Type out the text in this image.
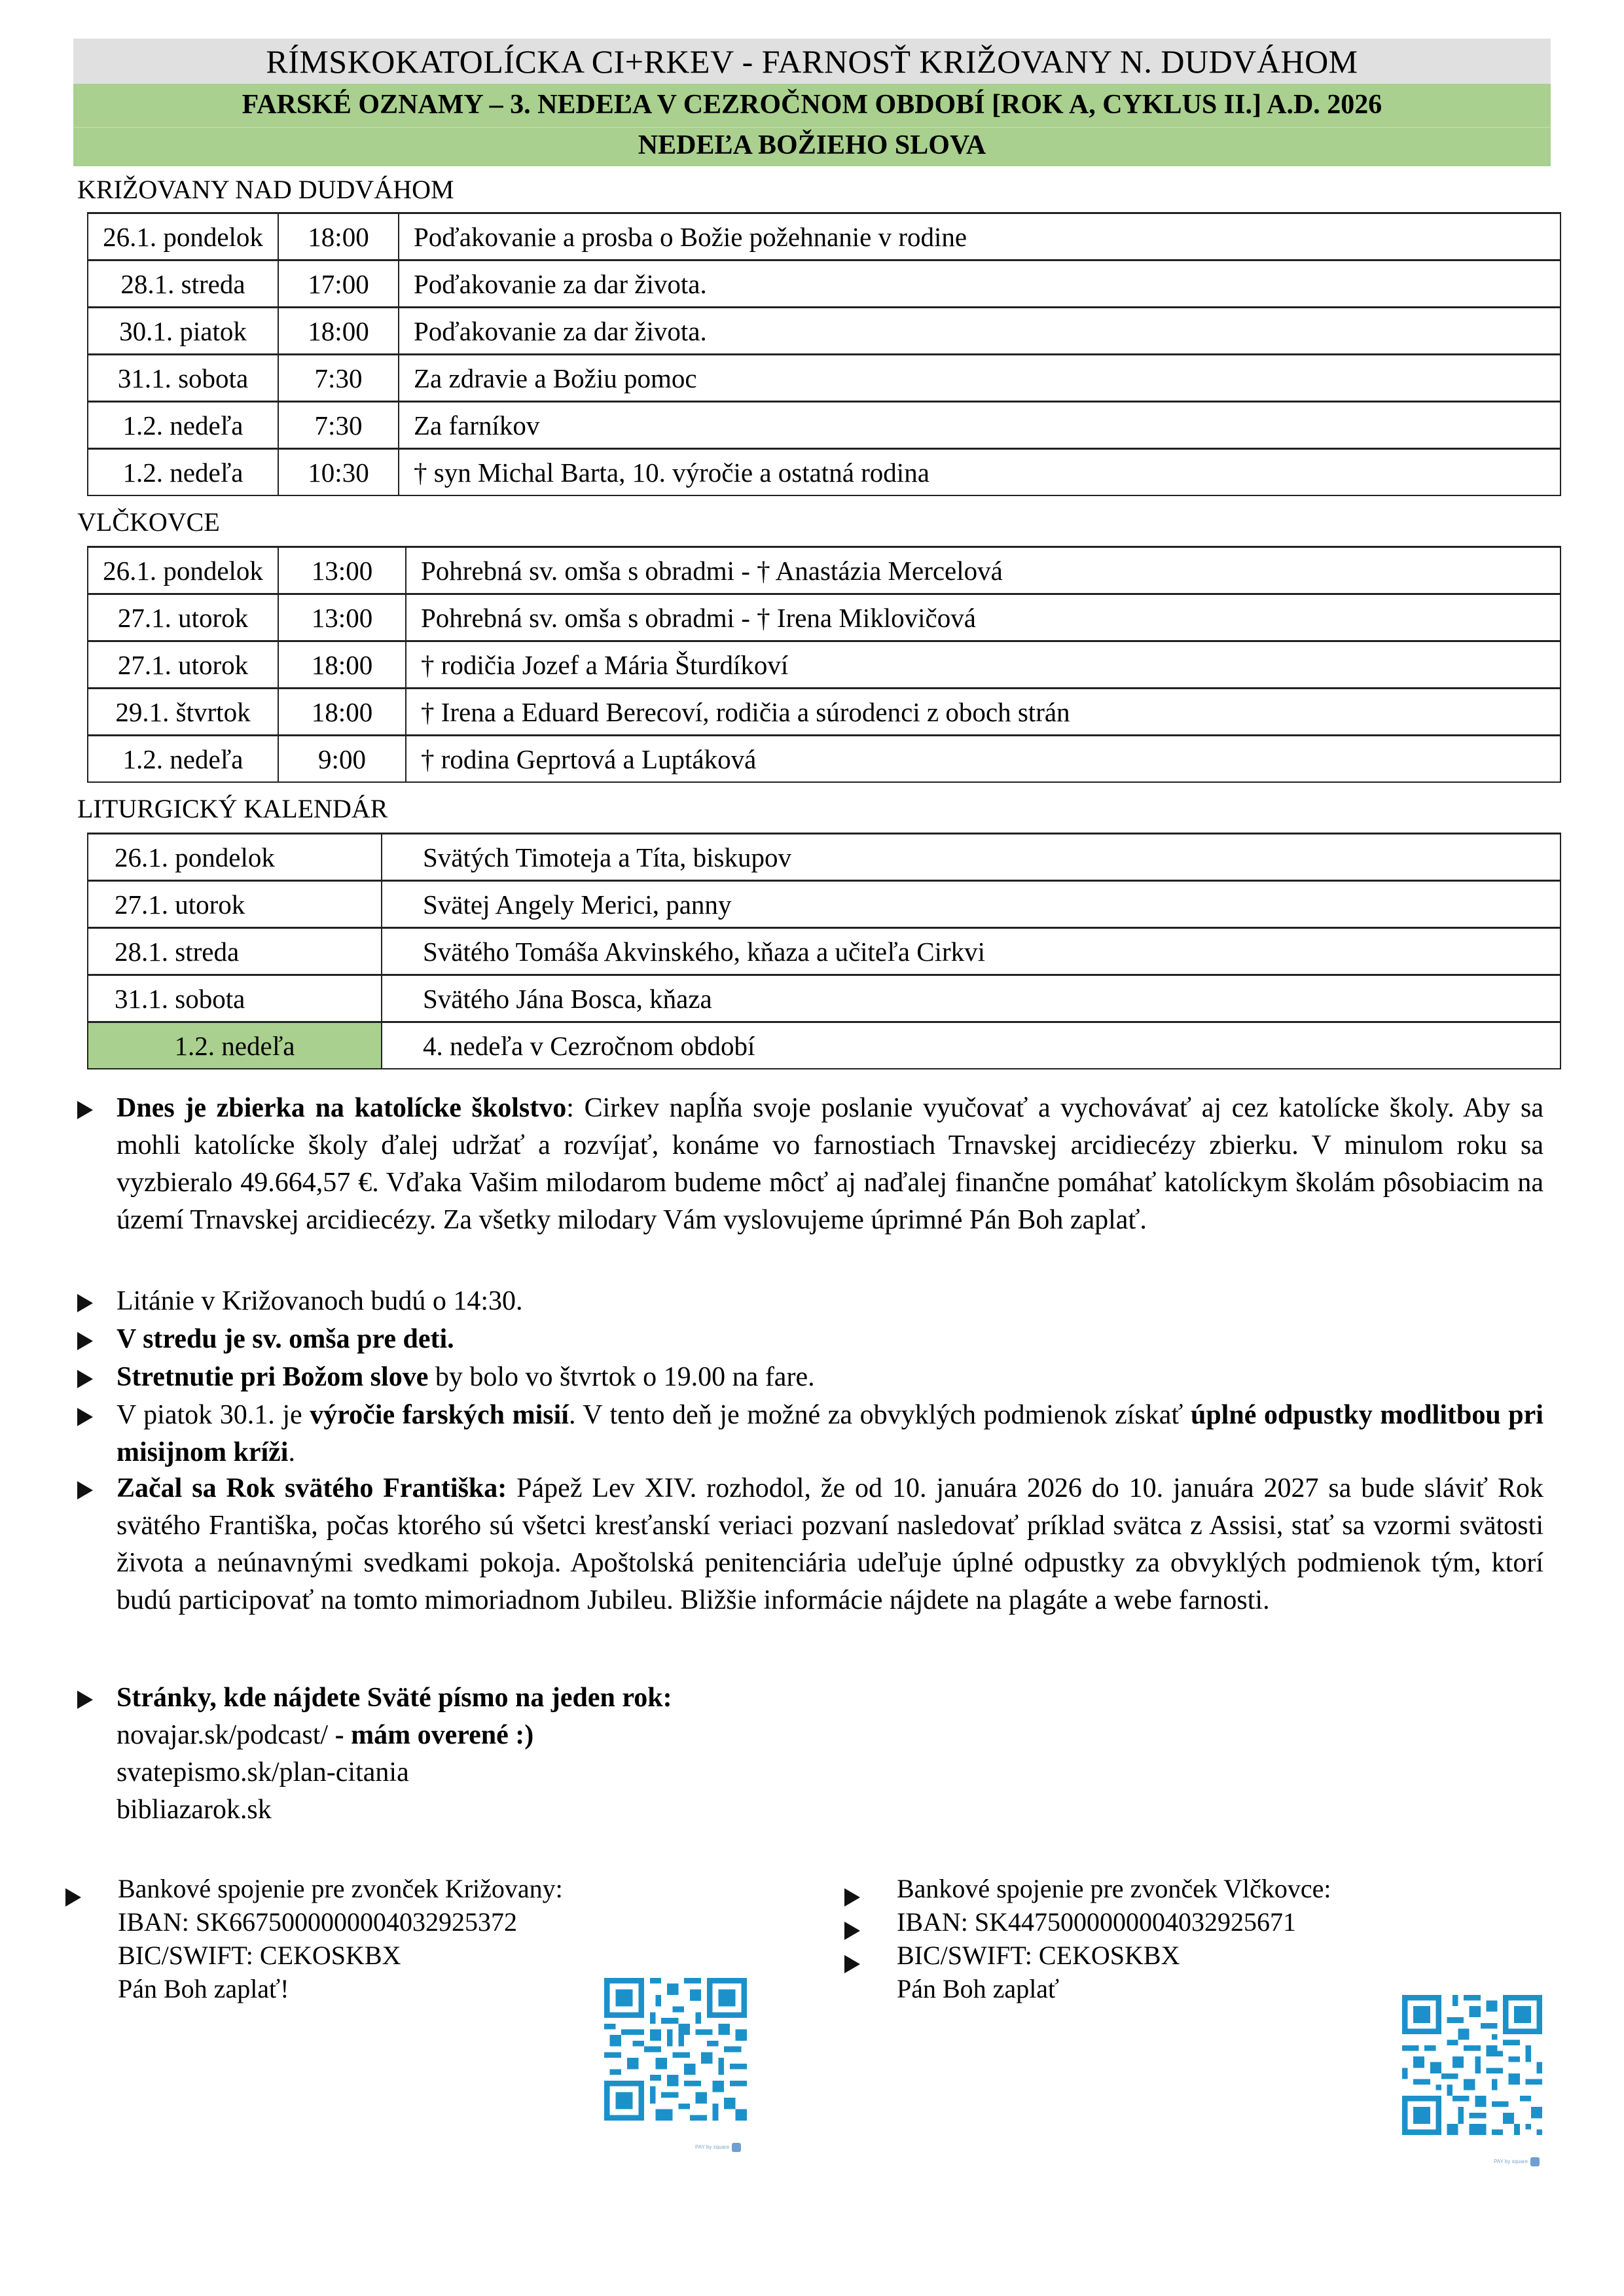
RÍMSKOKATOLÍCKA CI+RKEV - FARNOSŤ KRIŽOVANY N. DUDVÁHOM
FARSKÉ OZNAMY – 3. NEDEĽA V CEZROČNOM OBDOBÍ [ROK A, CYKLUS II.] A.D. 2026
NEDEĽA BOŽIEHO SLOVA
KRIŽOVANY NAD DUDVÁHOM
26.1. pondelok	18:00	Poďakovanie a prosba o Božie požehnanie v rodine
28.1. streda	17:00	Poďakovanie za dar života.
30.1. piatok	18:00	Poďakovanie za dar života.
31.1. sobota	7:30	Za zdravie a Božiu pomoc
1.2. nedeľa	7:30	Za farníkov
1.2. nedeľa	10:30	† syn Michal Barta, 10. výročie a ostatná rodina
VLČKOVCE
26.1. pondelok	13:00	Pohrebná sv. omša s obradmi - † Anastázia Mercelová
27.1. utorok	13:00	Pohrebná sv. omša s obradmi - † Irena Miklovičová
27.1. utorok	18:00	† rodičia Jozef a Mária Šturdíkoví
29.1. štvrtok	18:00	† Irena a Eduard Berecoví, rodičia a súrodenci z oboch strán
1.2. nedeľa	9:00	† rodina Geprtová a Luptáková
LITURGICKÝ KALENDÁR
26.1. pondelok	Svätých Timoteja a Títa, biskupov
27.1. utorok	Svätej Angely Merici, panny
28.1. streda	Svätého Tomáša Akvinského, kňaza a učiteľa Cirkvi
31.1. sobota	Svätého Jána Bosca, kňaza
1.2. nedeľa	4. nedeľa v Cezročnom období
Dnes je zbierka na katolícke školstvo: Cirkev napĺňa svoje poslanie vyučovať a vychovávať aj cez katolícke školy. Aby sa mohli katolícke školy ďalej udržať a rozvíjať, konáme vo farnostiach Trnavskej arcidiecézy zbierku. V minulom roku sa vyzbieralo 49.664,57 €. Vďaka Vašim milodarom budeme môcť aj naďalej finančne pomáhať katolíckym školám pôsobiacim na území Trnavskej arcidiecézy. Za všetky milodary Vám vyslovujeme úprimné Pán Boh zaplať.
Litánie v Križovanoch budú o 14:30.
V stredu je sv. omša pre deti.
Stretnutie pri Božom slove by bolo vo štvrtok o 19.00 na fare.
V piatok 30.1. je výročie farských misií. V tento deň je možné za obvyklých podmienok získať úplné odpustky modlitbou pri misijnom kríži.
Začal sa Rok svätého Františka: Pápež Lev XIV. rozhodol, že od 10. januára 2026 do 10. januára 2027 sa bude sláviť Rok svätého Františka, počas ktorého sú všetci kresťanskí veriaci pozvaní nasledovať príklad svätca z Assisi, stať sa vzormi svätosti života a neúnavnými svedkami pokoja. Apoštolská penitenciária udeľuje úplné odpustky za obvyklých podmienok tým, ktorí budú participovať na tomto mimoriadnom Jubileu. Bližšie informácie nájdete na plagáte a webe farnosti.
Stránky, kde nájdete Sväté písmo na jeden rok:
novajar.sk/podcast/ - mám overené :)
svatepismo.sk/plan-citania
bibliazarok.sk
Bankové spojenie pre zvonček Križovany:
IBAN: SK6675000000004032925372
BIC/SWIFT: CEKOSKBX
Pán Boh zaplať!
Bankové spojenie pre zvonček Vlčkovce:
IBAN: SK4475000000004032925671
BIC/SWIFT: CEKOSKBX
Pán Boh zaplať
PAY by square
PAY by square
